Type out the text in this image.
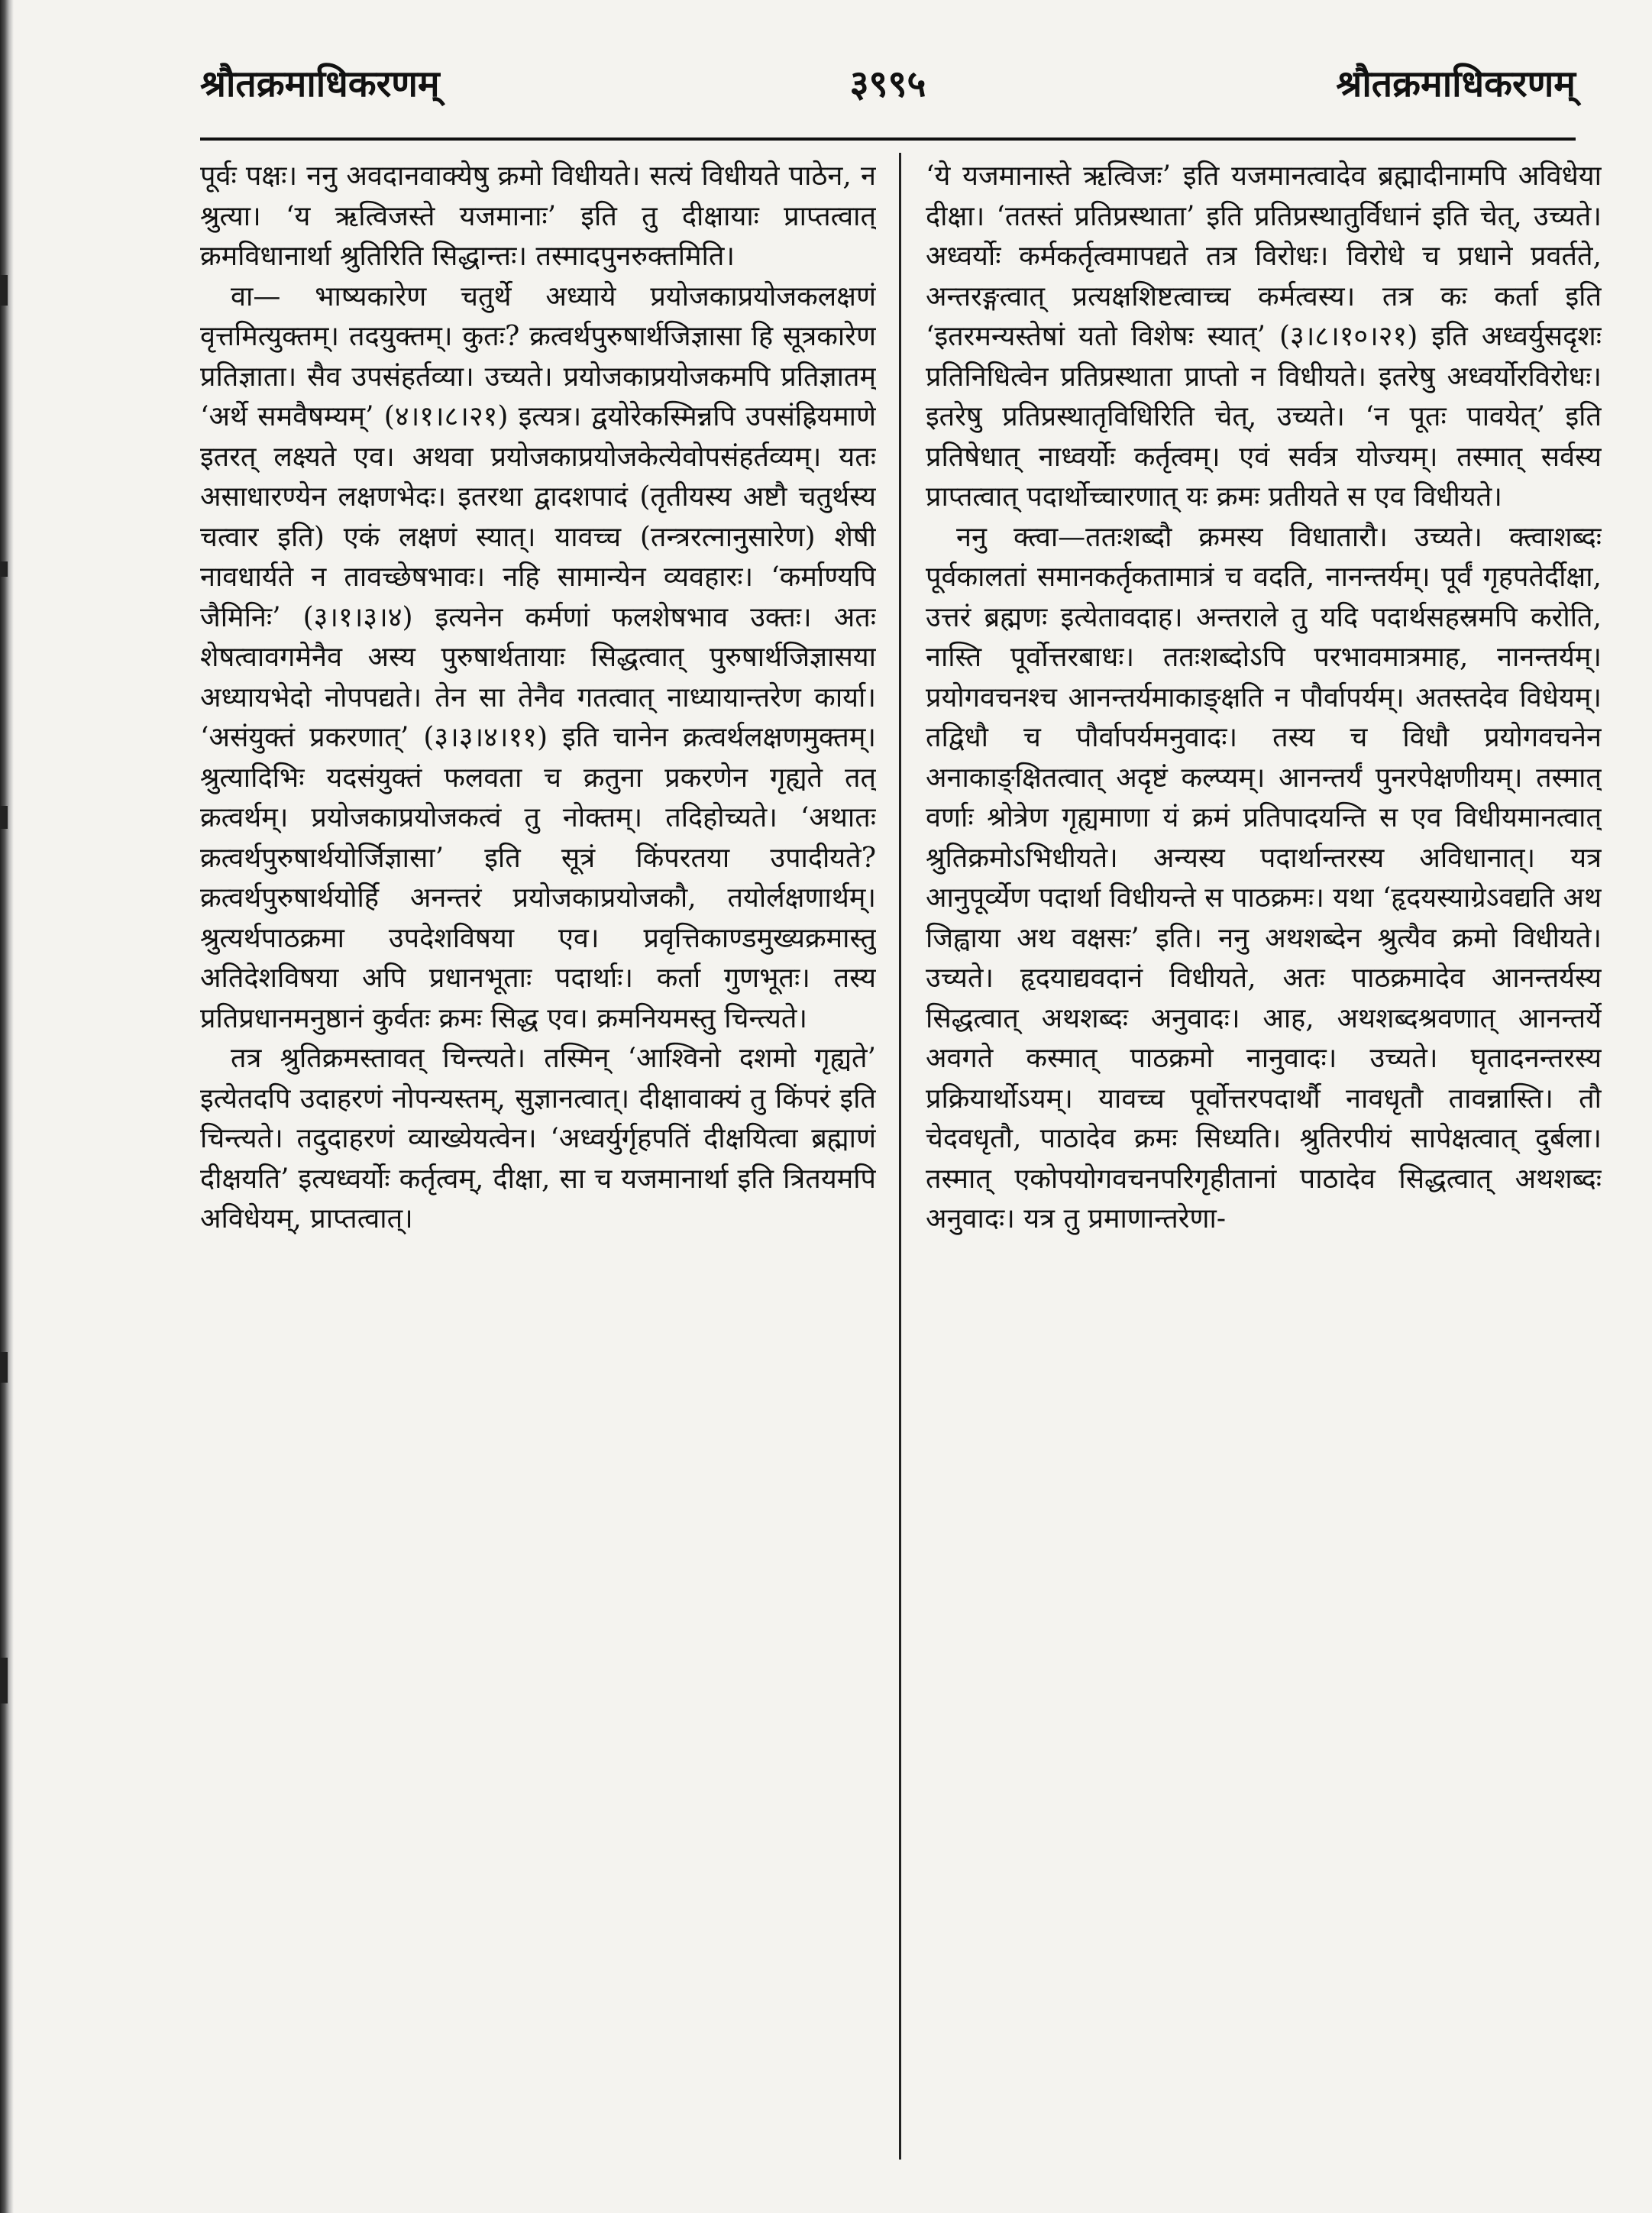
श्रौतक्रमाधिकरणम्	३९९५	श्रौतक्रमाधिकरणम्

पूर्वः पक्षः। ननु अवदानवाक्येषु क्रमो विधीयते। सत्यं विधीयते पाठेन, न श्रुत्या। ‘य ऋत्विजस्ते यजमानाः’ इति तु दीक्षायाः प्राप्तत्वात् क्रमविधानार्था श्रुतिरिति सिद्धान्तः। तस्मादपुनरुक्तमिति।

वा— भाष्यकारेण चतुर्थे अध्याये प्रयोजकाप्रयोजकलक्षणं वृत्तमित्युक्तम्। तदयुक्तम्। कुतः? क्रत्वर्थपुरुषार्थजिज्ञासा हि सूत्रकारेण प्रतिज्ञाता। सैव उपसंहर्तव्या। उच्यते। प्रयोजकाप्रयोजकमपि प्रतिज्ञातम् ‘अर्थे समवैषम्यम्’ (४।१।८।२१) इत्यत्र। द्वयोरेकस्मिन्नपि उपसंह्रियमाणे इतरत् लक्ष्यते एव। अथवा प्रयोजकाप्रयोजकेत्येवोपसंहर्तव्यम्। यतः असाधारण्येन लक्षणभेदः। इतरथा द्वादशपादं (तृतीयस्य अष्टौ चतुर्थस्य चत्वार इति) एकं लक्षणं स्यात्। यावच्च (तन्त्ररत्नानुसारेण) शेषी नावधार्यते न तावच्छेषभावः। नहि सामान्येन व्यवहारः। ‘कर्माण्यपि जैमिनिः’ (३।१।३।४) इत्यनेन कर्मणां फलशेषभाव उक्तः। अतः शेषत्वावगमेनैव अस्य पुरुषार्थतायाः सिद्धत्वात् पुरुषार्थजिज्ञासया अध्यायभेदो नोपपद्यते। तेन सा तेनैव गतत्वात् नाध्यायान्तरेण कार्या। ‘असंयुक्तं प्रकरणात्’ (३।३।४।११) इति चानेन क्रत्वर्थलक्षणमुक्तम्। श्रुत्यादिभिः यदसंयुक्तं फलवता च क्रतुना प्रकरणेन गृह्यते तत् क्रत्वर्थम्। प्रयोजकाप्रयोजकत्वं तु नोक्तम्। तदिहोच्यते। ‘अथातः क्रत्वर्थपुरुषार्थयोर्जिज्ञासा’ इति सूत्रं किंपरतया उपादीयते? क्रत्वर्थपुरुषार्थयोर्हि अनन्तरं प्रयोजकाप्रयोजकौ, तयोर्लक्षणार्थम्। श्रुत्यर्थपाठक्रमा उपदेशविषया एव। प्रवृत्तिकाण्डमुख्यक्रमास्तु अतिदेशविषया अपि प्रधानभूताः पदार्थाः। कर्ता गुणभूतः। तस्य प्रतिप्रधानमनुष्ठानं कुर्वतः क्रमः सिद्ध एव। क्रमनियमस्तु चिन्त्यते।

तत्र श्रुतिक्रमस्तावत् चिन्त्यते। तस्मिन् ‘आश्विनो दशमो गृह्यते’ इत्येतदपि उदाहरणं नोपन्यस्तम्, सुज्ञानत्वात्। दीक्षावाक्यं तु किंपरं इति चिन्त्यते। तदुदाहरणं व्याख्येयत्वेन। ‘अध्वर्युर्गृहपतिं दीक्षयित्वा ब्रह्माणं दीक्षयति’ इत्यध्वर्योः कर्तृत्वम्, दीक्षा, सा च यजमानार्था इति त्रितयमपि अविधेयम्, प्राप्तत्वात्।

‘ये यजमानास्ते ऋत्विजः’ इति यजमानत्वादेव ब्रह्मादीनामपि अविधेया दीक्षा। ‘ततस्तं प्रतिप्रस्थाता’ इति प्रतिप्रस्थातुर्विधानं इति चेत्, उच्यते। अध्वर्योः कर्मकर्तृत्वमापद्यते तत्र विरोधः। विरोधे च प्रधाने प्रवर्तते, अन्तरङ्गत्वात् प्रत्यक्षशिष्टत्वाच्च कर्मत्वस्य। तत्र कः कर्ता इति ‘इतरमन्यस्तेषां यतो विशेषः स्यात्’ (३।८।१०।२१) इति अध्वर्युसदृशः प्रतिनिधित्वेन प्रतिप्रस्थाता प्राप्तो न विधीयते। इतरेषु अध्वर्योरविरोधः। इतरेषु प्रतिप्रस्थातृविधिरिति चेत्, उच्यते। ‘न पूतः पावयेत्’ इति प्रतिषेधात् नाध्वर्योः कर्तृत्वम्। एवं सर्वत्र योज्यम्। तस्मात् सर्वस्य प्राप्तत्वात् पदार्थोच्चारणात् यः क्रमः प्रतीयते स एव विधीयते।

ननु क्त्वा—ततःशब्दौ क्रमस्य विधातारौ। उच्यते। क्त्वाशब्दः पूर्वकालतां समानकर्तृकतामात्रं च वदति, नानन्तर्यम्। पूर्वं गृहपतेर्दीक्षा, उत्तरं ब्रह्मणः इत्येतावदाह। अन्तराले तु यदि पदार्थसहस्रमपि करोति, नास्ति पूर्वोत्तरबाधः। ततःशब्दोऽपि परभावमात्रमाह, नानन्तर्यम्। प्रयोगवचनश्च आनन्तर्यमाकाङ्क्षति न पौर्वापर्यम्। अतस्तदेव विधेयम्। तद्विधौ च पौर्वापर्यमनुवादः। तस्य च विधौ प्रयोगवचनेन अनाकाङ्क्षितत्वात् अदृष्टं कल्प्यम्। आनन्तर्यं पुनरपेक्षणीयम्। तस्मात् वर्णाः श्रोत्रेण गृह्यमाणा यं क्रमं प्रतिपादयन्ति स एव विधीयमानत्वात् श्रुतिक्रमोऽभिधीयते। अन्यस्य पदार्थान्तरस्य अविधानात्। यत्र आनुपूर्व्येण पदार्था विधीयन्ते स पाठक्रमः। यथा ‘हृदयस्याग्रेऽवद्यति अथ जिह्वाया अथ वक्षसः’ इति। ननु अथशब्देन श्रुत्यैव क्रमो विधीयते। उच्यते। हृदयाद्यवदानं विधीयते, अतः पाठक्रमादेव आनन्तर्यस्य सिद्धत्वात् अथशब्दः अनुवादः। आह, अथशब्दश्रवणात् आनन्तर्ये अवगते कस्मात् पाठक्रमो नानुवादः। उच्यते। घृतादनन्तरस्य प्रक्रियार्थोऽयम्। यावच्च पूर्वोत्तरपदार्थौ नावधृतौ तावन्नास्ति। तौ चेदवधृतौ, पाठादेव क्रमः सिध्यति। श्रुतिरपीयं सापेक्षत्वात् दुर्बला। तस्मात् एकोपयोगवचनपरिगृहीतानां पाठादेव सिद्धत्वात् अथशब्दः अनुवादः। यत्र तु प्रमाणान्तरेणा-
